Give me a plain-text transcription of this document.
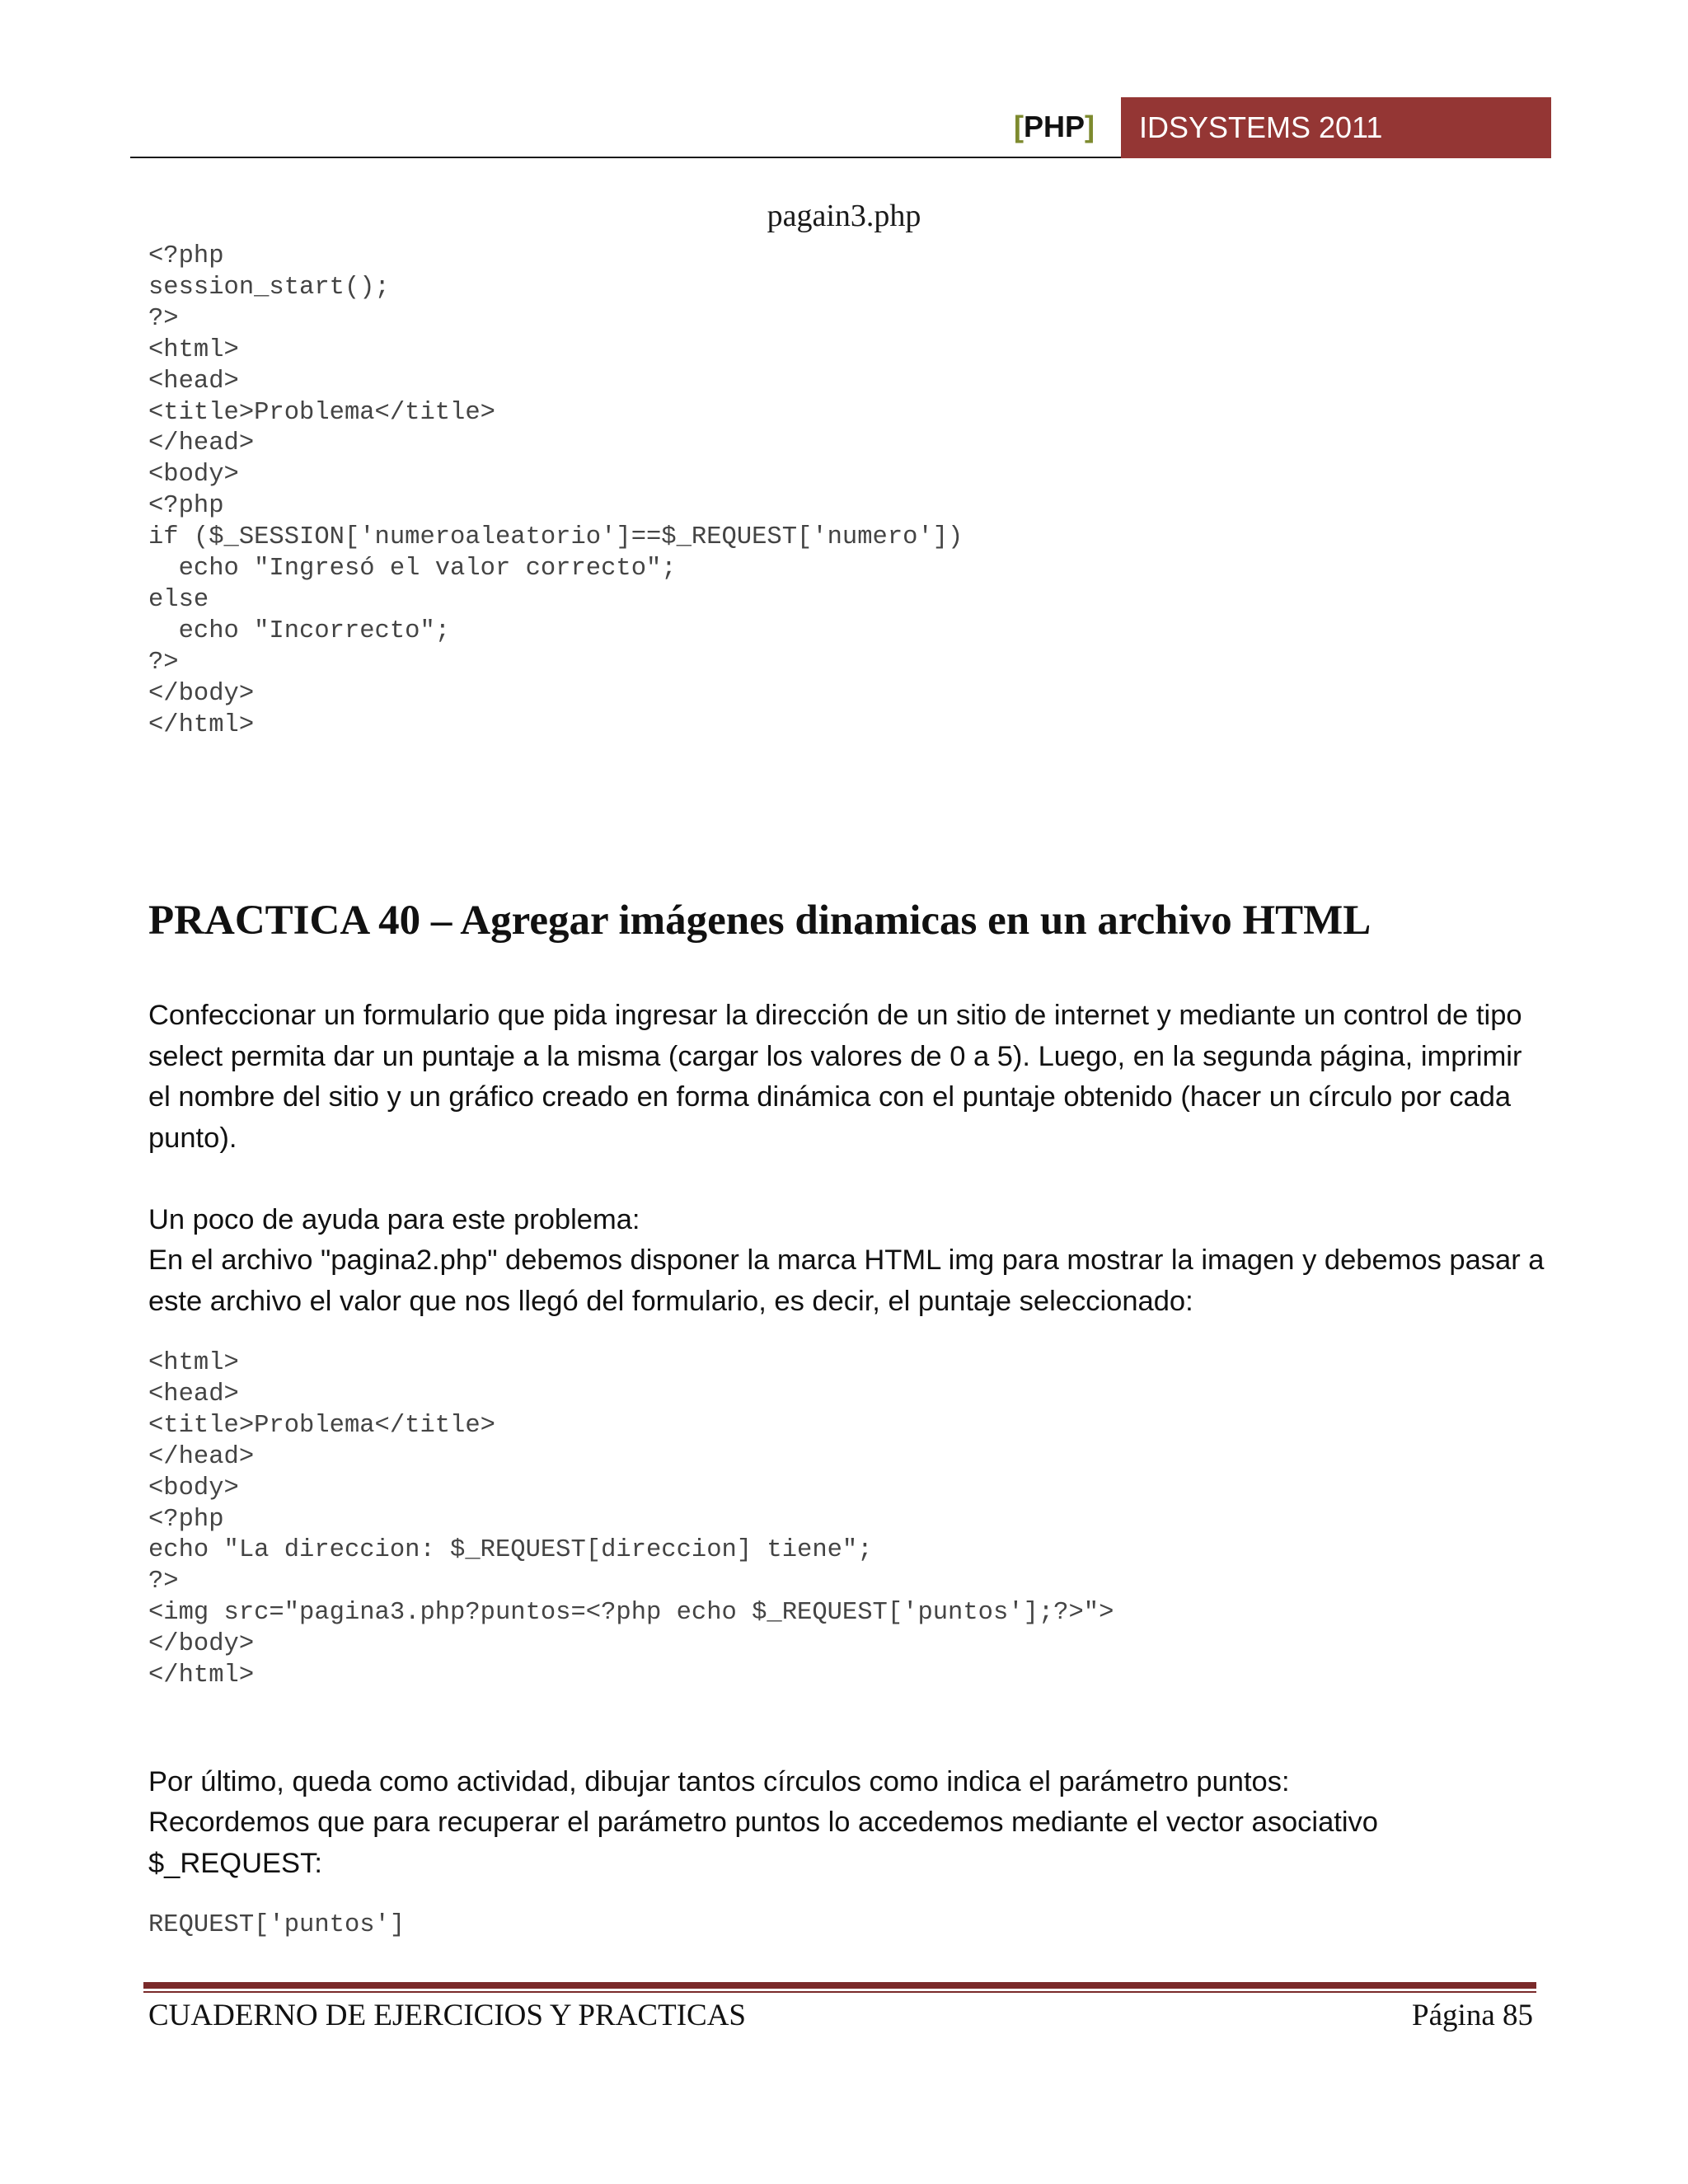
[PHP]	IDSYSTEMS 2011
pagain3.php
<?php
session_start();
?>
<html>
<head>
<title>Problema</title>
</head>
<body>
<?php
if ($_SESSION['numeroaleatorio']==$_REQUEST['numero'])
echo "Ingresó el valor correcto";
else
echo "Incorrecto";
?>
</body>
</html>
PRACTICA 40 – Agregar imágenes dinamicas en un archivo HTML

Confeccionar un formulario que pida ingresar la dirección de un sitio de internet y mediante un control de tipo select permita dar un puntaje a la misma (cargar los valores de 0 a 5). Luego, en la segunda página, imprimir el nombre del sitio y un gráfico creado en forma dinámica con el puntaje obtenido (hacer un círculo por cada punto).

Un poco de ayuda para este problema:

En el archivo "pagina2.php" debemos disponer la marca HTML img para mostrar la imagen y debemos pasar a este archivo el valor que nos llegó del formulario, es decir, el puntaje seleccionado:

<html>
<head>
<title>Problema</title>
</head>
<body>
<?php
echo "La direccion: $_REQUEST[direccion] tiene";
?>
<img src="pagina3.php?puntos=<?php echo $_REQUEST['puntos'];?>">
</body>
</html>

Por último, queda como actividad, dibujar tantos círculos como indica el parámetro puntos:

Recordemos que para recuperar el parámetro puntos lo accedemos mediante el vector asociativo $_REQUEST:

REQUEST['puntos']
CUADERNO DE EJERCICIOS Y PRACTICAS	Página 85
